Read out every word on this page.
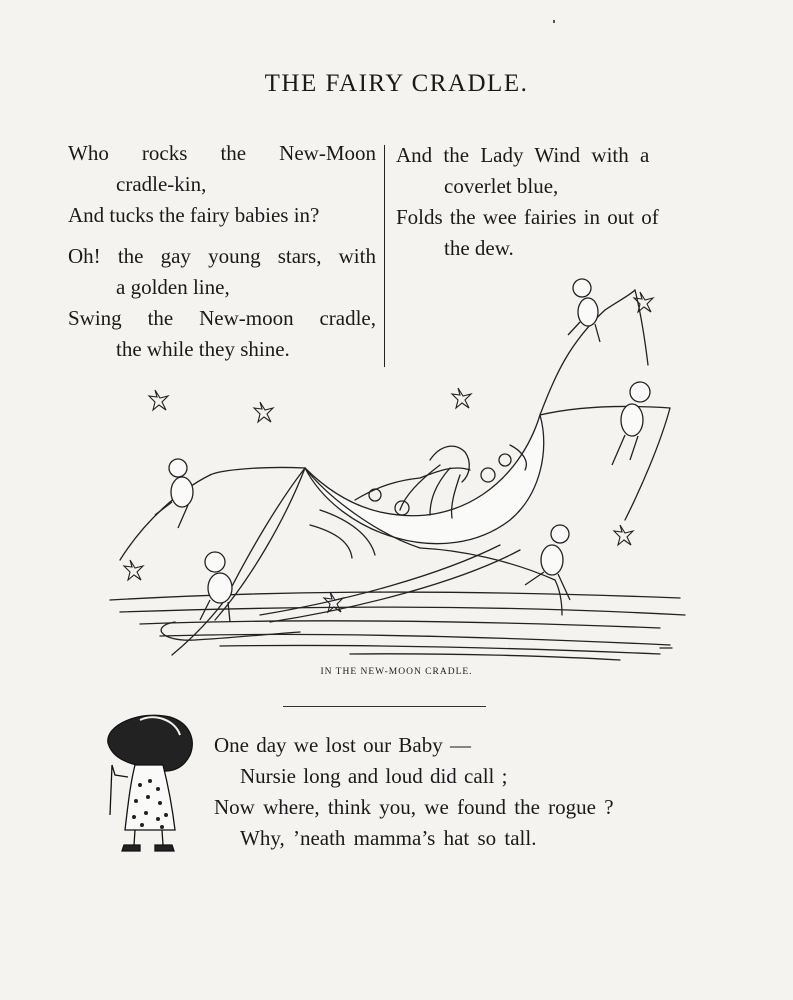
THE FAIRY CRADLE.
Who rocks the New-Moon
cradle-kin,
And tucks the fairy babies in?
Oh! the gay young stars, with
a golden line,
Swing the New-moon cradle,
the while they shine.
And the Lady Wind with a
coverlet blue,
Folds the wee fairies in out of
the dew.
IN THE NEW-MOON CRADLE.
One day we lost our Baby —
Nursie long and loud did call ;
Now where, think you, we found the rogue ?
Why, ’neath mamma’s hat so tall.
